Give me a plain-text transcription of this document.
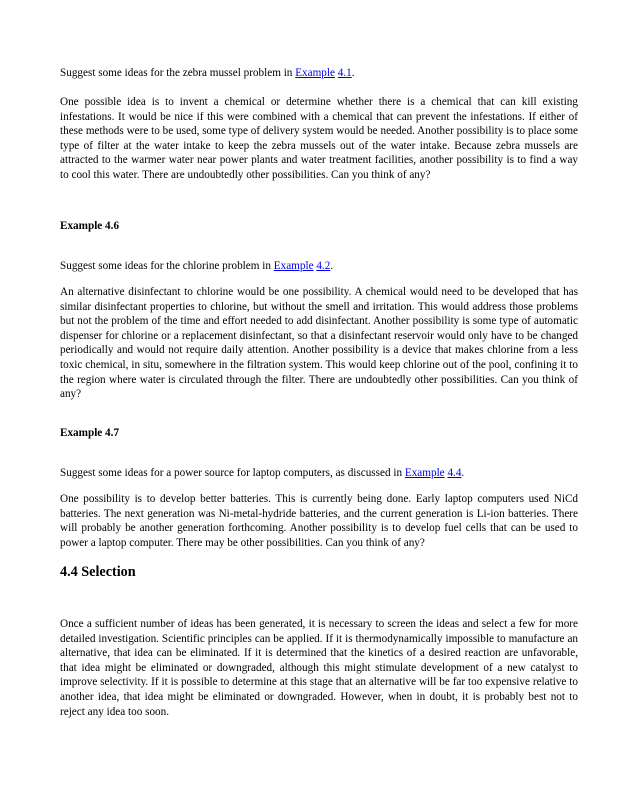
Suggest some ideas for the zebra mussel problem in Example 4.1.

One possible idea is to invent a chemical or determine whether there is a chemical that can kill existing infestations. It would be nice if this were combined with a chemical that can prevent the infestations. If either of these methods were to be used, some type of delivery system would be needed. Another possibility is to place some type of filter at the water intake to keep the zebra mussels out of the water intake. Because zebra mussels are attracted to the warmer water near power plants and water treatment facilities, another possibility is to find a way to cool this water. There are undoubtedly other possibilities. Can you think of any?

Example 4.6

Suggest some ideas for the chlorine problem in Example 4.2.

An alternative disinfectant to chlorine would be one possibility. A chemical would need to be developed that has similar disinfectant properties to chlorine, but without the smell and irritation. This would address those problems but not the problem of the time and effort needed to add disinfectant. Another possibility is some type of automatic dispenser for chlorine or a replacement disinfectant, so that a disinfectant reservoir would only have to be changed periodically and would not require daily attention. Another possibility is a device that makes chlorine from a less toxic chemical, in situ, somewhere in the filtration system. This would keep chlorine out of the pool, confining it to the region where water is circulated through the filter. There are undoubtedly other possibilities. Can you think of any?

Example 4.7

Suggest some ideas for a power source for laptop computers, as discussed in Example 4.4.

One possibility is to develop better batteries. This is currently being done. Early laptop computers used NiCd batteries. The next generation was Ni-metal-hydride batteries, and the current generation is Li-ion batteries. There will probably be another generation forthcoming. Another possibility is to develop fuel cells that can be used to power a laptop computer. There may be other possibilities. Can you think of any?

4.4 Selection

Once a sufficient number of ideas has been generated, it is necessary to screen the ideas and select a few for more detailed investigation. Scientific principles can be applied. If it is thermodynamically impossible to manufacture an alternative, that idea can be eliminated. If it is determined that the kinetics of a desired reaction are unfavorable, that idea might be eliminated or downgraded, although this might stimulate development of a new catalyst to improve selectivity. If it is possible to determine at this stage that an alternative will be far too expensive relative to another idea, that idea might be eliminated or downgraded. However, when in doubt, it is probably best not to reject any idea too soon.
